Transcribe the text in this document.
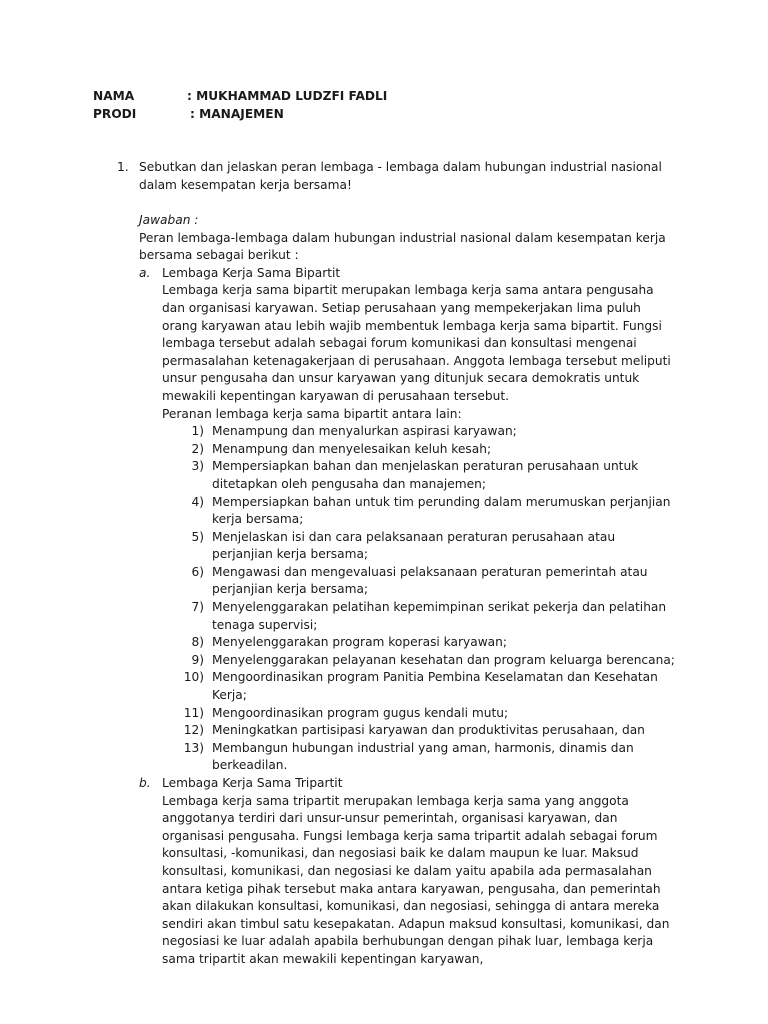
NAMA	: MUKHAMMAD LUDZFI FADLI
PRODI	: MANAJEMEN
1. Sebutkan dan jelaskan peran lembaga - lembaga dalam hubungan industrial nasional dalam kesempatan kerja bersama!

Jawaban :

Peran lembaga-lembaga dalam hubungan industrial nasional dalam kesempatan kerja bersama sebagai berikut :

a. Lembaga Kerja Sama Bipartit

Lembaga kerja sama bipartit merupakan lembaga kerja sama antara pengusaha dan organisasi karyawan. Setiap perusahaan yang mempekerjakan lima puluh orang karyawan atau lebih wajib membentuk lembaga kerja sama bipartit. Fungsi lembaga tersebut adalah sebagai forum komunikasi dan konsultasi mengenai permasalahan ketenagakerjaan di perusahaan. Anggota lembaga tersebut meliputi unsur pengusaha dan unsur karyawan yang ditunjuk secara demokratis untuk mewakili kepentingan karyawan di perusahaan tersebut.

Peranan lembaga kerja sama bipartit antara lain:

1) Menampung dan menyalurkan aspirasi karyawan;
2) Menampung dan menyelesaikan keluh kesah;
3) Mempersiapkan bahan dan menjelaskan peraturan perusahaan untuk ditetapkan oleh pengusaha dan manajemen;
4) Mempersiapkan bahan untuk tim perunding dalam merumuskan perjanjian kerja bersama;
5) Menjelaskan isi dan cara pelaksanaan peraturan perusahaan atau perjanjian kerja bersama;
6) Mengawasi dan mengevaluasi pelaksanaan peraturan pemerintah atau perjanjian kerja bersama;
7) Menyelenggarakan pelatihan kepemimpinan serikat pekerja dan pelatihan tenaga supervisi;
8) Menyelenggarakan program koperasi karyawan;
9) Menyelenggarakan pelayanan kesehatan dan program keluarga berencana;
10) Mengoordinasikan program Panitia Pembina Keselamatan dan Kesehatan Kerja;
11) Mengoordinasikan program gugus kendali mutu;
12) Meningkatkan partisipasi karyawan dan produktivitas perusahaan, dan
13) Membangun hubungan industrial yang aman, harmonis, dinamis dan berkeadilan.
b. Lembaga Kerja Sama Tripartit

Lembaga kerja sama tripartit merupakan lembaga kerja sama yang anggota anggotanya terdiri dari unsur-unsur pemerintah, organisasi karyawan, dan organisasi pengusaha. Fungsi lembaga kerja sama tripartit adalah sebagai forum konsultasi, -komunikasi, dan negosiasi baik ke dalam maupun ke luar. Maksud konsultasi, komunikasi, dan negosiasi ke dalam yaitu apabila ada permasalahan antara ketiga pihak tersebut maka antara karyawan, pengusaha, dan pemerintah akan dilakukan konsultasi, komunikasi, dan negosiasi, sehingga di antara mereka sendiri akan timbul satu kesepakatan. Adapun maksud konsultasi, komunikasi, dan negosiasi ke luar adalah apabila berhubungan dengan pihak luar, lembaga kerja sama tripartit akan mewakili kepentingan karyawan,
